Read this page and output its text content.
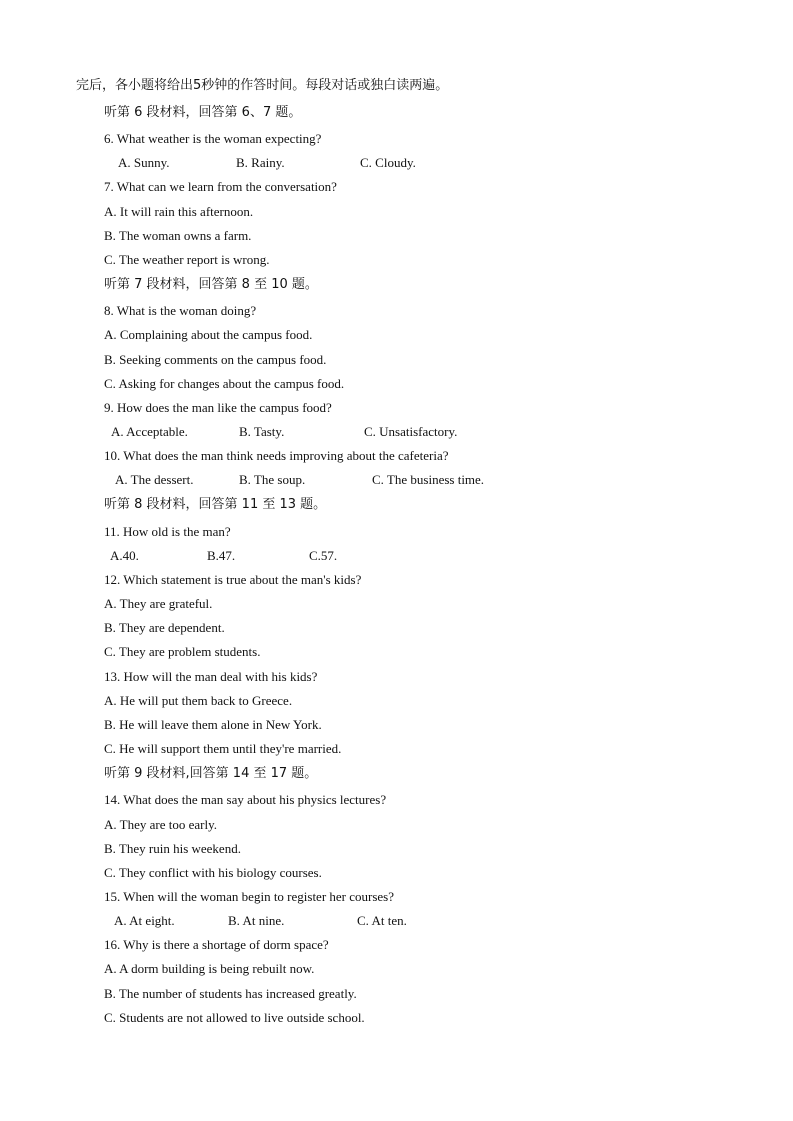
完后，各小题将给出5秒钟的作答时间。每段对话或独白读两遍。
听第 6 段材料，回答第 6、7 题。
6. What weather is the woman expecting?
A. Sunny.	B. Rainy.	C. Cloudy.
7. What can we learn from the conversation?
A. It will rain this afternoon.
B. The woman owns a farm.
C. The weather report is wrong.
听第 7 段材料，回答第 8 至 10 题。
8. What is the woman doing?
A. Complaining about the campus food.
B. Seeking comments on the campus food.
C. Asking for changes about the campus food.
9. How does the man like the campus food?
A. Acceptable.	B. Tasty.	C. Unsatisfactory.
10. What does the man think needs improving about the cafeteria?
A. The dessert.	B. The soup.	C. The business time.
听第 8 段材料，回答第 11 至 13 题。
11. How old is the man?
A.40.	B.47.	C.57.
12. Which statement is true about the man's kids?
A. They are grateful.
B. They are dependent.
C. They are problem students.
13. How will the man deal with his kids?
A. He will put them back to Greece.
B. He will leave them alone in New York.
C. He will support them until they're married.
听第 9 段材料,回答第 14 至 17 题。
14. What does the man say about his physics lectures?
A. They are too early.
B. They ruin his weekend.
C. They conflict with his biology courses.
15. When will the woman begin to register her courses?
A. At eight.	B. At nine.	C. At ten.
16. Why is there a shortage of dorm space?
A. A dorm building is being rebuilt now.
B. The number of students has increased greatly.
C. Students are not allowed to live outside school.
